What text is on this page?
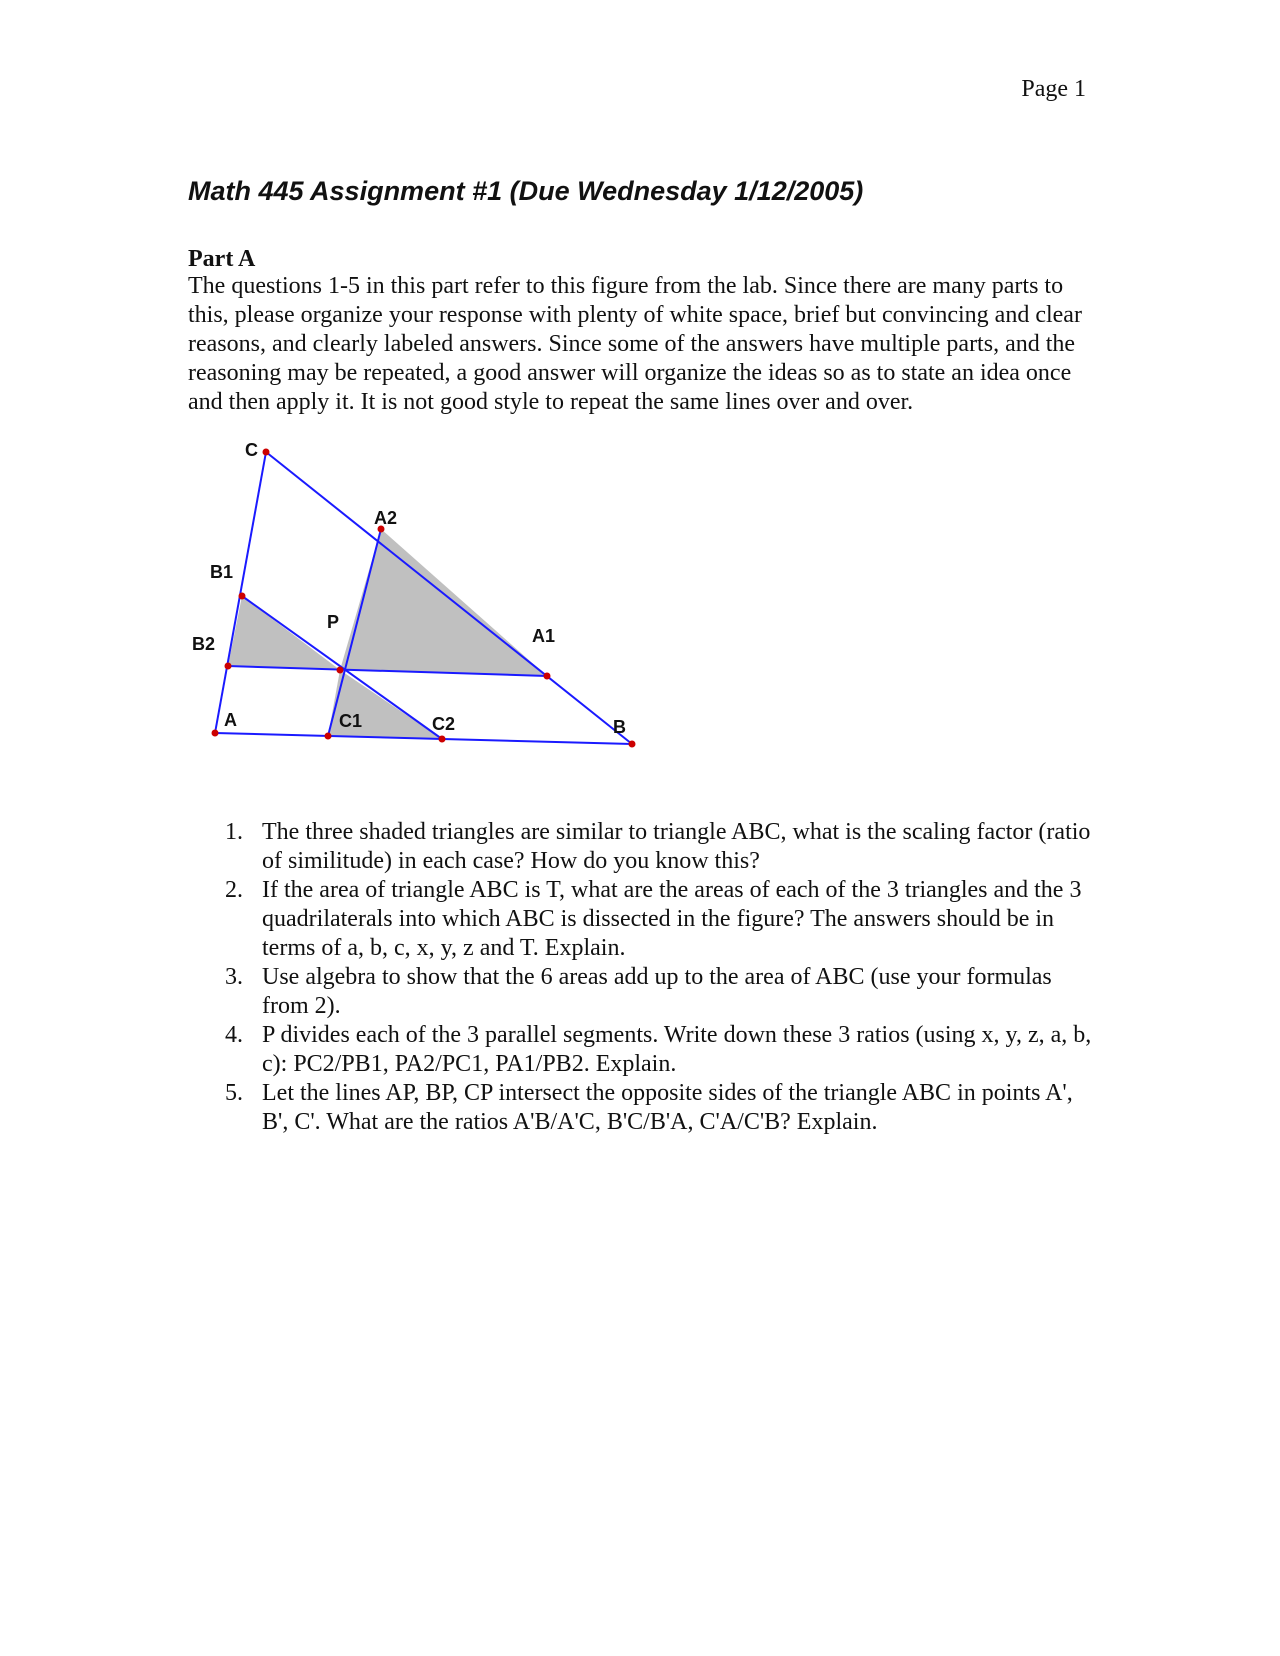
Page 1
Math 445 Assignment #1 (Due Wednesday 1/12/2005)
Part A

The questions 1-5 in this part refer to this figure from the lab. Since there are many parts to this, please organize your response with plenty of white space, brief but convincing and clear reasons, and clearly labeled answers. Since some of the answers have multiple parts, and the reasoning may be repeated, a good answer will organize the ideas so as to state an idea once and then apply it. It is not good style to repeat the same lines over and over.

C
A2
B1
P
A1
B2
A	C1	C2	B
1. The three shaded triangles are similar to triangle ABC, what is the scaling factor (ratio of similitude) in each case? How do you know this?
2. If the area of triangle ABC is T, what are the areas of each of the 3 triangles and the 3 quadrilaterals into which ABC is dissected in the figure? The answers should be in terms of a, b, c, x, y, z and T. Explain.
3. Use algebra to show that the 6 areas add up to the area of ABC (use your formulas from 2).
4. P divides each of the 3 parallel segments. Write down these 3 ratios (using x, y, z, a, b, c): PC2/PB1, PA2/PC1, PA1/PB2. Explain.
5. Let the lines AP, BP, CP intersect the opposite sides of the triangle ABC in points A', B', C'. What are the ratios A'B/A'C, B'C/B'A, C'A/C'B? Explain.
